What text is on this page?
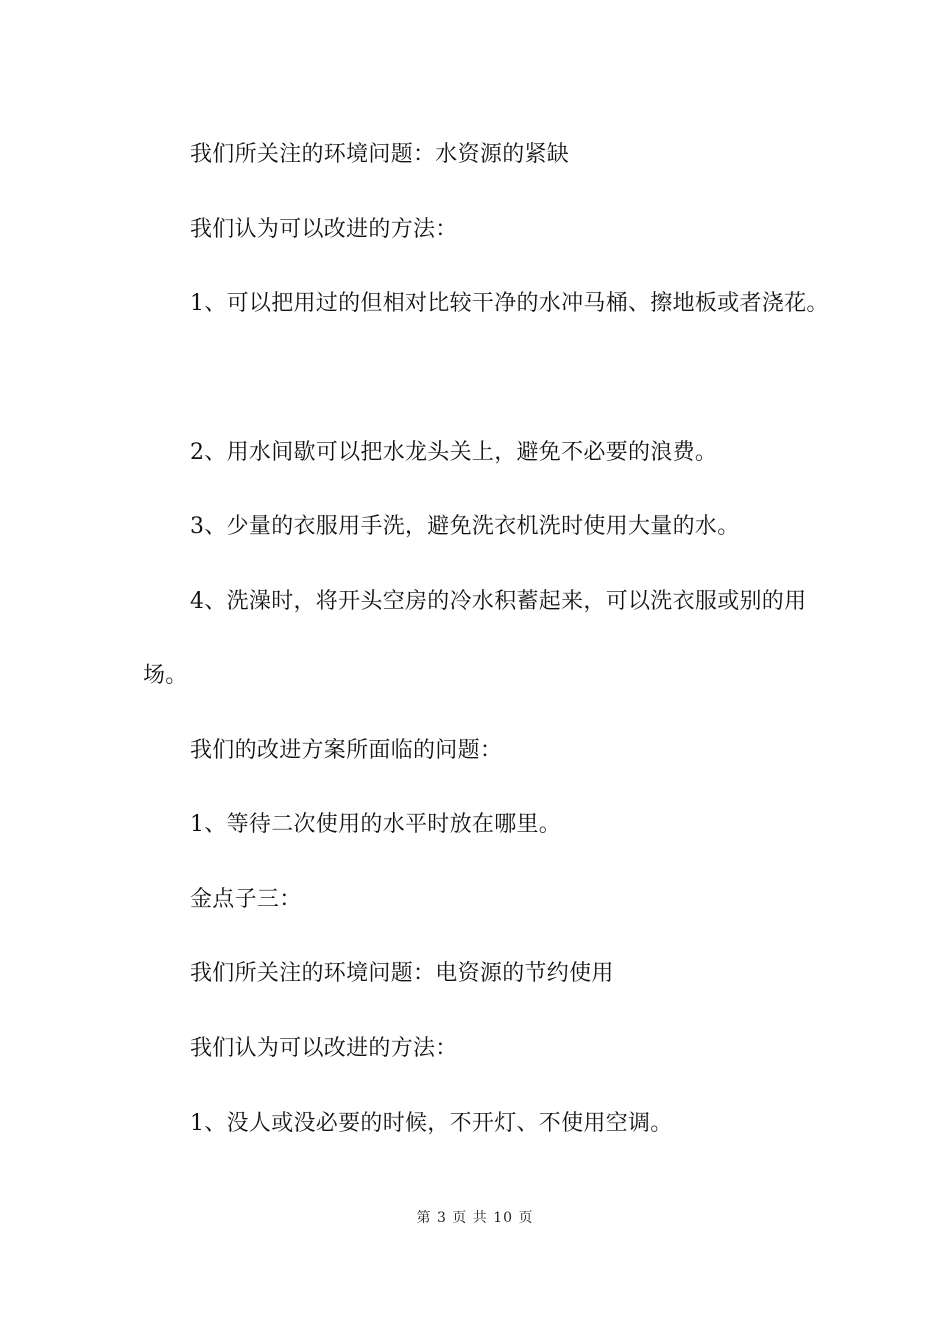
我们所关注的环境问题：水资源的紧缺

我们认为可以改进的方法：

1、可以把用过的但相对比较干净的水冲马桶、擦地板或者浇花。

2、用水间歇可以把水龙头关上，避免不必要的浪费。

3、少量的衣服用手洗，避免洗衣机洗时使用大量的水。

4、洗澡时，将开头空房的冷水积蓄起来，可以洗衣服或别的用

场。

我们的改进方案所面临的问题：

1、等待二次使用的水平时放在哪里。

金点子三：

我们所关注的环境问题：电资源的节约使用

我们认为可以改进的方法：

1、没人或没必要的时候，不开灯、不使用空调。

第 3 页 共 10 页
